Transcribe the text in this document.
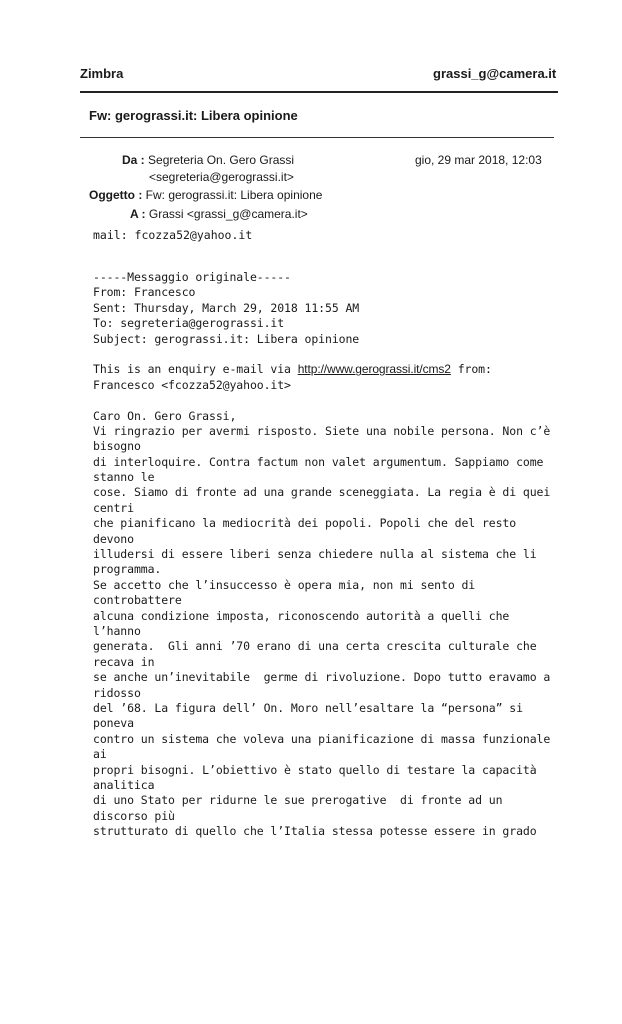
Zimbra	grassi_g@camera.it
Fw: gerograssi.it: Libera opinione
Da : Segreteria On. Gero Grassi
<segreteria@gerograssi.it>
gio, 29 mar 2018, 12:03
Oggetto : Fw: gerograssi.it: Libera opinione
A : Grassi <grassi_g@camera.it>
mail: fcozza52@yahoo.it
-----Messaggio originale-----
From: Francesco
Sent: Thursday, March 29, 2018 11:55 AM
To: segreteria@gerograssi.it
Subject: gerograssi.it: Libera opinione
This is an enquiry e-mail via http://www.gerograssi.it/cms2 from:
Francesco <fcozza52@yahoo.it>
Caro On. Gero Grassi,
Vi ringrazio per avermi risposto. Siete una nobile persona. Non c’è
bisogno
di interloquire. Contra factum non valet argumentum. Sappiamo come
stanno le
cose. Siamo di fronte ad una grande sceneggiata. La regia è di quei
centri
che pianificano la mediocrità dei popoli. Popoli che del resto
devono
illudersi di essere liberi senza chiedere nulla al sistema che li
programma.
Se accetto che l’insuccesso è opera mia, non mi sento di
controbattere
alcuna condizione imposta, riconoscendo autorità a quelli che
l’hanno
generata.  Gli anni ’70 erano di una certa crescita culturale che
recava in
se anche un’inevitabile  germe di rivoluzione. Dopo tutto eravamo a
ridosso
del ’68. La figura dell’ On. Moro nell’esaltare la “persona” si
poneva
contro un sistema che voleva una pianificazione di massa funzionale
ai
propri bisogni. L’obiettivo è stato quello di testare la capacità
analitica
di uno Stato per ridurne le sue prerogative  di fronte ad un
discorso più
strutturato di quello che l’Italia stessa potesse essere in grado
